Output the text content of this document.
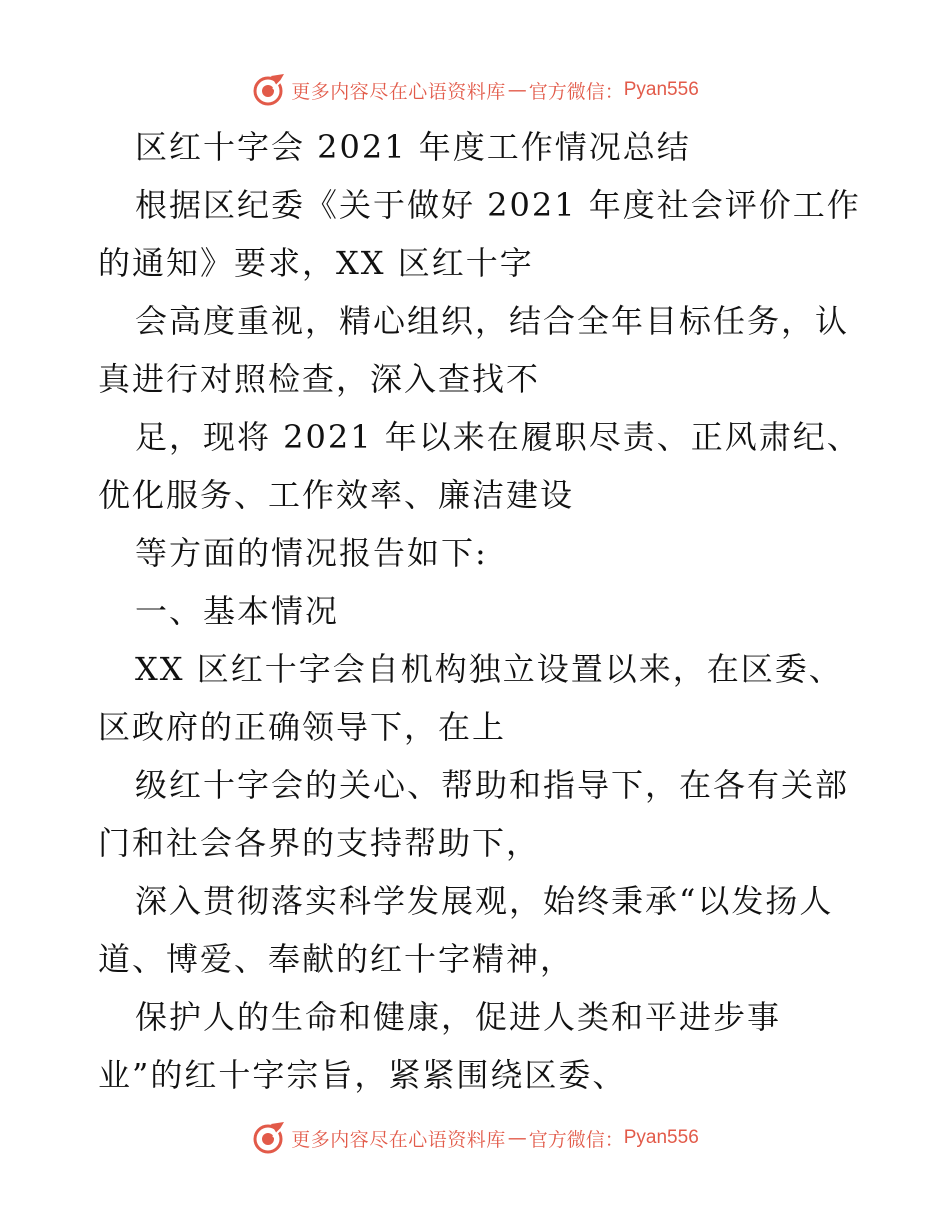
更多内容尽在心语资料库 — 官方微信： Pyan556
区红十字会 2021 年度工作情况总结
根据区纪委《关于做好 2021 年度社会评价工作
的通知》要求，XX 区红十字
会高度重视，精心组织，结合全年目标任务，认
真进行对照检查，深入查找不
足，现将 2021 年以来在履职尽责、正风肃纪、
优化服务、工作效率、廉洁建设
等方面的情况报告如下:
一、基本情况
XX 区红十字会自机构独立设置以来，在区委、
区政府的正确领导下，在上
级红十字会的关心、帮助和指导下，在各有关部
门和社会各界的支持帮助下，
深入贯彻落实科学发展观，始终秉承“以发扬人
道、博爱、奉献的红十字精神，
保护人的生命和健康，促进人类和平进步事
业”的红十字宗旨，紧紧围绕区委、
更多内容尽在心语资料库 — 官方微信： Pyan556
